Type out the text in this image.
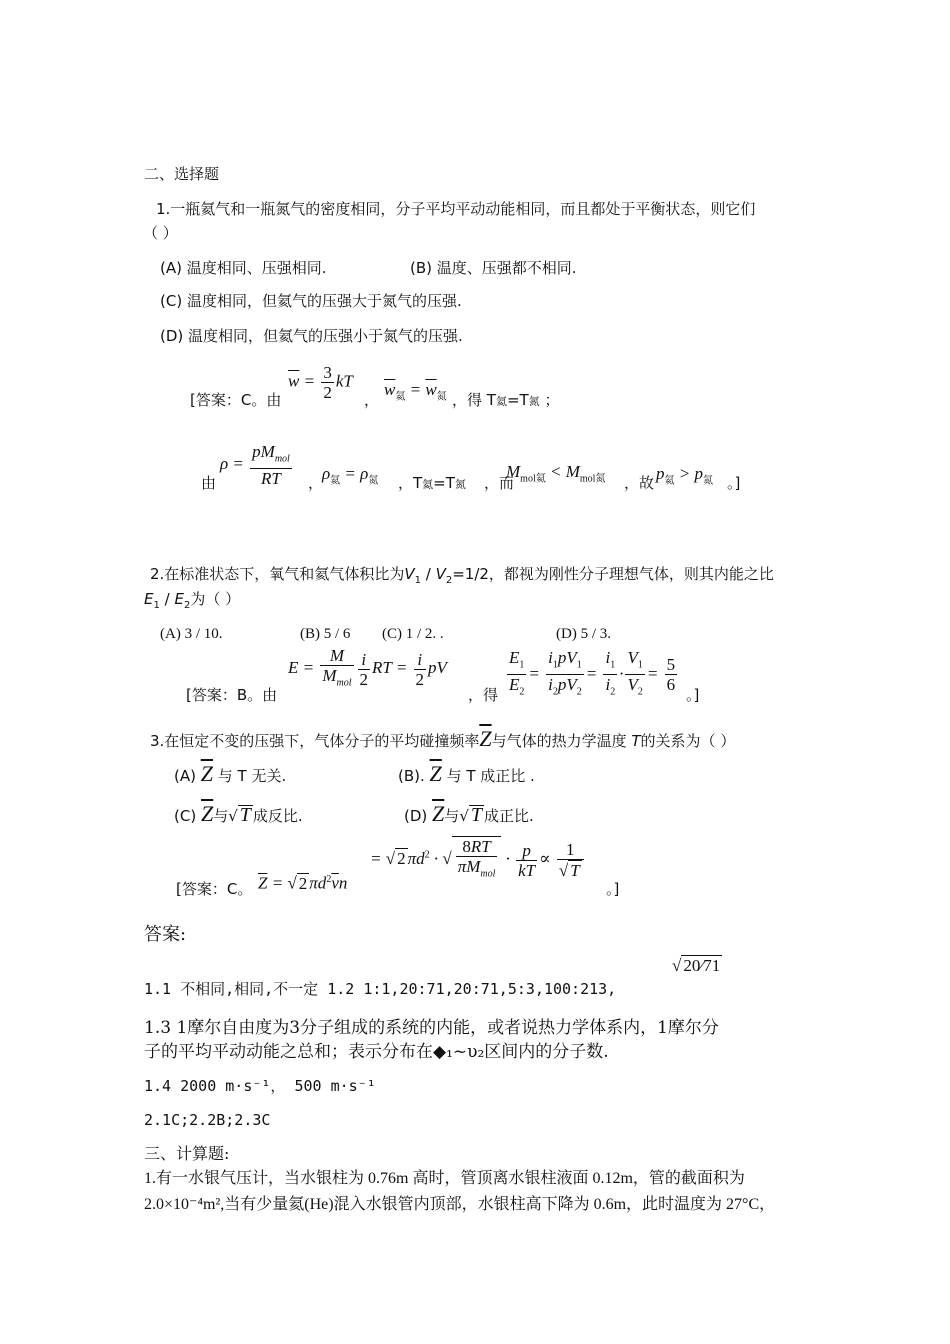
二、选择题
1.一瓶氦气和一瓶氮气的密度相同，分子平均平动动能相同，而且都处于平衡状态，则它们
（ ）
(A) 温度相同、压强相同.	(B) 温度、压强都不相同.
(C) 温度相同，但氦气的压强大于氮气的压强.
(D) 温度相同，但氦气的压强小于氮气的压强.
[答案：C。由
$\overline{w} = \frac{3}{2}$ kT
，
$\overline{w}_氦 = \overline{w}_氮$ ，得 T氦=T氮 ；
由
$\rho = \frac{pM_{mol}}{RT}$ ，
$\rho_氦 = \rho_氮$ ，T氦=T氮 ，而
$M_{mol氦} < M_{mol氮}$ ，故 $p_氦 > p_氮$ 。]
2.在标准状态下，氧气和氦气体积比为$V_1 / V_2=1/2$，都视为刚性分子理想气体，则其内能之比
$E_1 / E_2$为（ ）
(A) 3 / 10.	(B) 5 / 6 (C) 1 / 2. .	(D) 5 / 3.
[答案：B。由
$E = \frac{M}{M_{mol}} \frac{i}{2}$ RT = $\frac{i}{2}$ pV
，得 $\frac{E_1}{E_2} = \frac{i_1pV_1}{i_2pV_2} = \frac{i_1}{i_2} \cdot \frac{V_1}{V_2} = \frac{5}{6}$
。]
3.在恒定不变的压强下，气体分子的平均碰撞频率$\overline{Z}$与气体的热力学温度 T的关系为（ ）
(A) $\overline{Z}$ 与 T 无关.	(B). $\overline{Z}$ 与 T 成正比 .
(C) $\overline{Z}$与√ T 成反比.	(D) $\overline{Z}$与√ T 成正比.
[答案：C。 $\overline{Z}$ = √ 2 $\pi d^2\overline{v}n$
= √ 2 $\pi d^2$ · √ $\frac{8RT}{\pi M_{mol}} \cdot \frac{p}{kT} \propto \frac{1}{√ T}$
。]
答案:
1.1 不相同,相同,不一定 1.2 1:1,20:71,20:71,5:3,100:213,
√ 20⁄71
1.3 1摩尔自由度为3分子组成的系统的内能，或者说热力学体系内，1摩尔分
子的平均平动动能之总和；表示分布在◆₁~υ₂区间内的分子数.
1.4 2000 m·s⁻¹， 500 m·s⁻¹
2.1C;2.2B;2.3C
三、计算题:
1.有一水银气压计，当水银柱为 0.76m 高时，管顶离水银柱液面 0.12m，管的截面积为
2.0×10⁻⁴m²,当有少量氦(He)混入水银管内顶部，水银柱高下降为 0.6m，此时温度为 27°C，
